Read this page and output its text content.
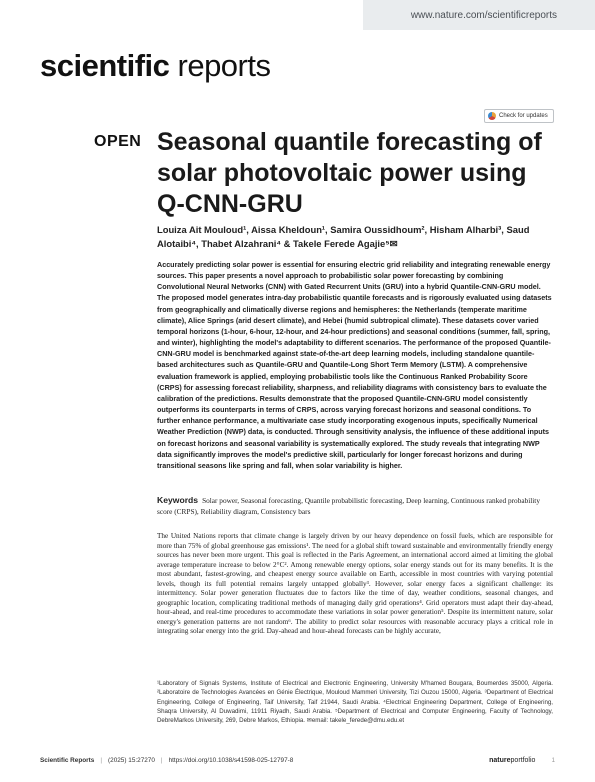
www.nature.com/scientificreports
scientific reports
Check for updates
OPEN Seasonal quantile forecasting of solar photovoltaic power using Q-CNN-GRU

Louiza Ait Mouloud¹, Aissa Kheldoun¹, Samira Oussidhoum², Hisham Alharbi³, Saud Alotaibi⁴, Thabet Alzahrani⁴ & Takele Ferede Agajie⁵✉

Accurately predicting solar power is essential for ensuring electric grid reliability and integrating renewable energy sources. This paper presents a novel approach to probabilistic solar power forecasting by combining Convolutional Neural Networks (CNN) with Gated Recurrent Units (GRU) into a hybrid Quantile-CNN-GRU model. The proposed model generates intra-day probabilistic quantile forecasts and is rigorously evaluated using datasets from geographically and climatically diverse regions and hemispheres: the Netherlands (temperate maritime climate), Alice Springs (arid desert climate), and Hebei (humid subtropical climate). These datasets cover varied temporal horizons (1-hour, 6-hour, 12-hour, and 24-hour predictions) and seasonal conditions (summer, fall, spring, and winter), highlighting the model's adaptability to different scenarios. The performance of the proposed Quantile-CNN-GRU model is benchmarked against state-of-the-art deep learning models, including standalone quantile-based architectures such as Quantile-GRU and Quantile-Long Short Term Memory (LSTM). A comprehensive evaluation framework is applied, employing probabilistic tools like the Continuous Ranked Probability Score (CRPS) for assessing forecast reliability, sharpness, and reliability diagrams with consistency bars to evaluate the calibration of the predictions. Results demonstrate that the proposed Quantile-CNN-GRU model consistently outperforms its counterparts in terms of CRPS, across varying forecast horizons and seasonal conditions. To further enhance performance, a multivariate case study incorporating exogenous inputs, specifically Numerical Weather Prediction (NWP) data, is conducted. Through sensitivity analysis, the influence of these additional inputs on forecast horizons and seasonal variability is systematically explored. The study reveals that integrating NWP data significantly improves the model's predictive skill, particularly for longer forecast horizons and during transitional seasons like spring and fall, when solar variability is higher.

Keywords Solar power, Seasonal forecasting, Quantile probabilistic forecasting, Deep learning, Continuous ranked probability score (CRPS), Reliability diagram, Consistency bars

The United Nations reports that climate change is largely driven by our heavy dependence on fossil fuels, which are responsible for more than 75% of global greenhouse gas emissions¹. The need for a global shift toward sustainable and environmentally friendly energy sources has never been more urgent. This goal is reflected in the Paris Agreement, an international accord aimed at limiting the global average temperature increase to below 2°C². Among renewable energy options, solar energy stands out for its many benefits. It is the most abundant, fastest-growing, and cheapest energy source available on Earth, accessible in most countries with varying potential levels, though its full potential remains largely untapped globally³. However, solar energy faces a significant challenge: its intermittency. Solar power generation fluctuates due to factors like the time of day, weather conditions, seasonal changes, and geographic location, complicating traditional methods of managing daily grid operations⁴. Grid operators must adapt their day-ahead, hour-ahead, and real-time procedures to accommodate these variations in solar power generation⁵. Despite its intermittent nature, solar energy's generation patterns are not random⁶. The ability to predict solar resources with reasonable accuracy plays a critical role in integrating solar energy into the grid. Day-ahead and hour-ahead forecasts can be highly accurate,

¹Laboratory of Signals Systems, Institute of Electrical and Electronic Engineering, University M'hamed Bougara, Boumerdes 35000, Algeria. ²Laboratoire de Technologies Avancées en Génie Électrique, Mouloud Mammeri University, Tizi Ouzou 15000, Algeria. ³Department of Electrical Engineering, College of Engineering, Taif University, Taif 21944, Saudi Arabia. ⁴Electrical Engineering Department, College of Engineering, Shaqra University, Al Duwadimi, 11911 Riyadh, Saudi Arabia. ⁵Department of Electrical and Computer Engineering, Faculty of Technology, DebreMarkos University, 269, Debre Markos, Ethiopia. ✉email: takele_ferede@dmu.edu.et

Scientific Reports | (2025) 15:27270 | https://doi.org/10.1038/s41598-025-12797-8	natureportfolio	1
